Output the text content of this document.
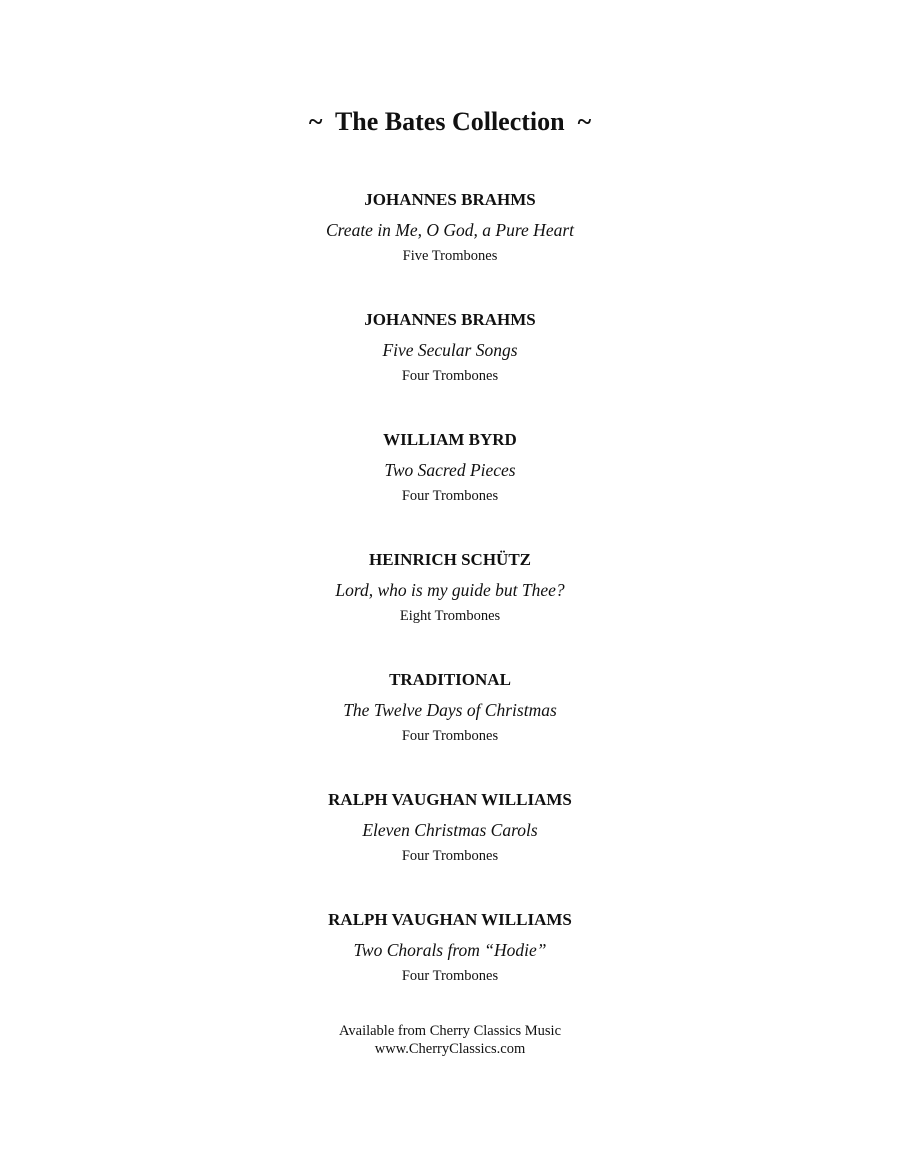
~  The Bates Collection  ~
JOHANNES BRAHMS
Create in Me, O God, a Pure Heart
Five Trombones
JOHANNES BRAHMS
Five Secular Songs
Four Trombones
WILLIAM BYRD
Two Sacred Pieces
Four Trombones
HEINRICH SCHÜTZ
Lord, who is my guide but Thee?
Eight Trombones
TRADITIONAL
The Twelve Days of Christmas
Four Trombones
RALPH VAUGHAN WILLIAMS
Eleven Christmas Carols
Four Trombones
RALPH VAUGHAN WILLIAMS
Two Chorals from “Hodie”
Four Trombones
Available from Cherry Classics Music
www.CherryClassics.com
